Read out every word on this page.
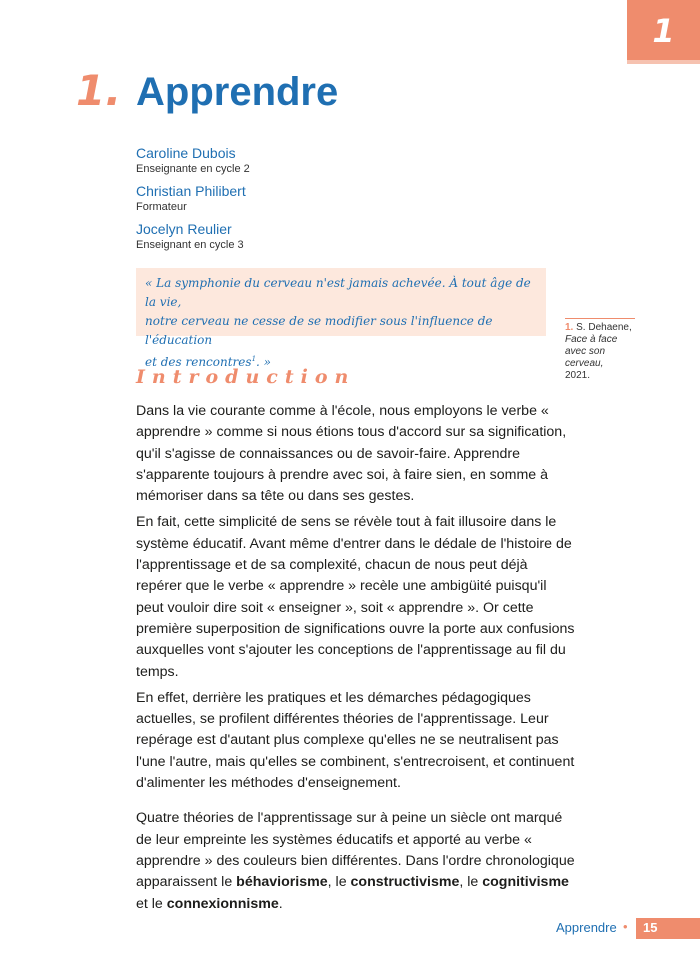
1
1. Apprendre
Caroline Dubois
Enseignante en cycle 2
Christian Philibert
Formateur
Jocelyn Reulier
Enseignant en cycle 3

« La symphonie du cerveau n'est jamais achevée. À tout âge de la vie,
notre cerveau ne cesse de se modifier sous l'influence de l'éducation
et des rencontres$^1$. »

1. S. Dehaene,
Face à face avec son cerveau,
2021.
Introduction

Dans la vie courante comme à l'école, nous employons le verbe « apprendre » comme si nous étions tous d'accord sur sa signification, qu'il s'agisse de connaissances ou de savoir-faire. Apprendre s'apparente toujours à prendre avec soi, à faire sien, en somme à mémoriser dans sa tête ou dans ses gestes.

En fait, cette simplicité de sens se révèle tout à fait illusoire dans le système éducatif. Avant même d'entrer dans le dédale de l'histoire de l'apprentissage et de sa complexité, chacun de nous peut déjà repérer que le verbe « apprendre » recèle une ambigüité puisqu'il peut vouloir dire soit « enseigner », soit « apprendre ». Or cette première superposition de significations ouvre la porte aux confusions auxquelles vont s'ajouter les conceptions de l'apprentissage au fil du temps.

En effet, derrière les pratiques et les démarches pédagogiques actuelles, se profilent différentes théories de l'apprentissage. Leur repérage est d'autant plus complexe qu'elles ne se neutralisent pas l'une l'autre, mais qu'elles se combinent, s'entrecroisent, et continuent d'alimenter les méthodes d'enseignement.

Quatre théories de l'apprentissage sur à peine un siècle ont marqué de leur empreinte les systèmes éducatifs et apporté au verbe « apprendre » des couleurs bien différentes. Dans l'ordre chronologique apparaissent le béhaviorisme, le constructivisme, le cognitivisme et le connexionnisme.

Apprendre • 15
